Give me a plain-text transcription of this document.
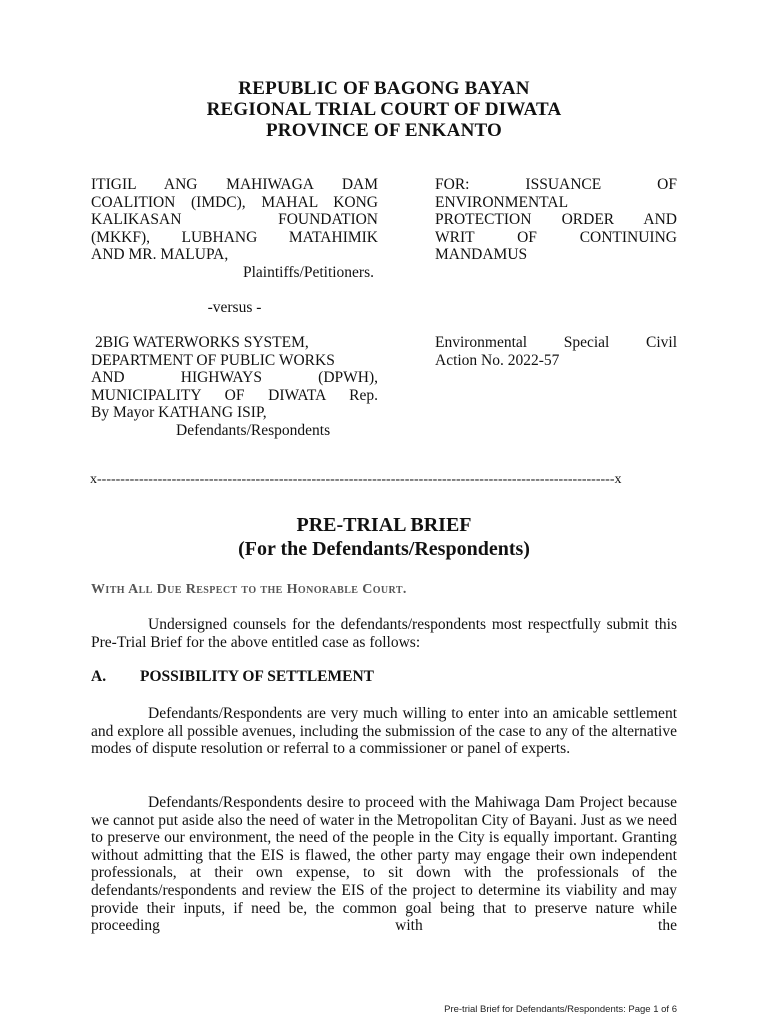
REPUBLIC OF BAGONG BAYAN
REGIONAL TRIAL COURT OF DIWATA
PROVINCE OF ENKANTO
ITIGIL ANG MAHIWAGA DAM
COALITION (IMDC), MAHAL KONG
KALIKASAN FOUNDATION
(MKKF), LUBHANG MATAHIMIK
AND MR. MALUPA,
Plaintiffs/Petitioners.
-versus -
2BIG WATERWORKS SYSTEM,
DEPARTMENT OF PUBLIC WORKS
AND HIGHWAYS (DPWH),
MUNICIPALITY OF DIWATA Rep.
By Mayor KATHANG ISIP,
Defendants/Respondents
FOR: ISSUANCE OF
ENVIRONMENTAL
PROTECTION ORDER AND
WRIT OF CONTINUING
MANDAMUS
Environmental Special Civil
Action No. 2022-57
x---------------------------------------------------------------------------------------------------------------x
PRE-TRIAL BRIEF
(For the Defendants/Respondents)
With All Due Respect to the Honorable Court.
Undersigned counsels for the defendants/respondents most respectfully submit this Pre-Trial Brief for the above entitled case as follows:
A. POSSIBILITY OF SETTLEMENT
Defendants/Respondents are very much willing to enter into an amicable settlement and explore all possible avenues, including the submission of the case to any of the alternative modes of dispute resolution or referral to a commissioner or panel of experts.
Defendants/Respondents desire to proceed with the Mahiwaga Dam Project because we cannot put aside also the need of water in the Metropolitan City of Bayani. Just as we need to preserve our environment, the need of the people in the City is equally important. Granting without admitting that the EIS is flawed, the other party may engage their own independent professionals, at their own expense, to sit down with the professionals of the defendants/respondents and review the EIS of the project to determine its viability and may provide their inputs, if need be, the common goal being that to preserve nature while proceeding with the
Pre-trial Brief for Defendants/Respondents: Page 1 of 6
